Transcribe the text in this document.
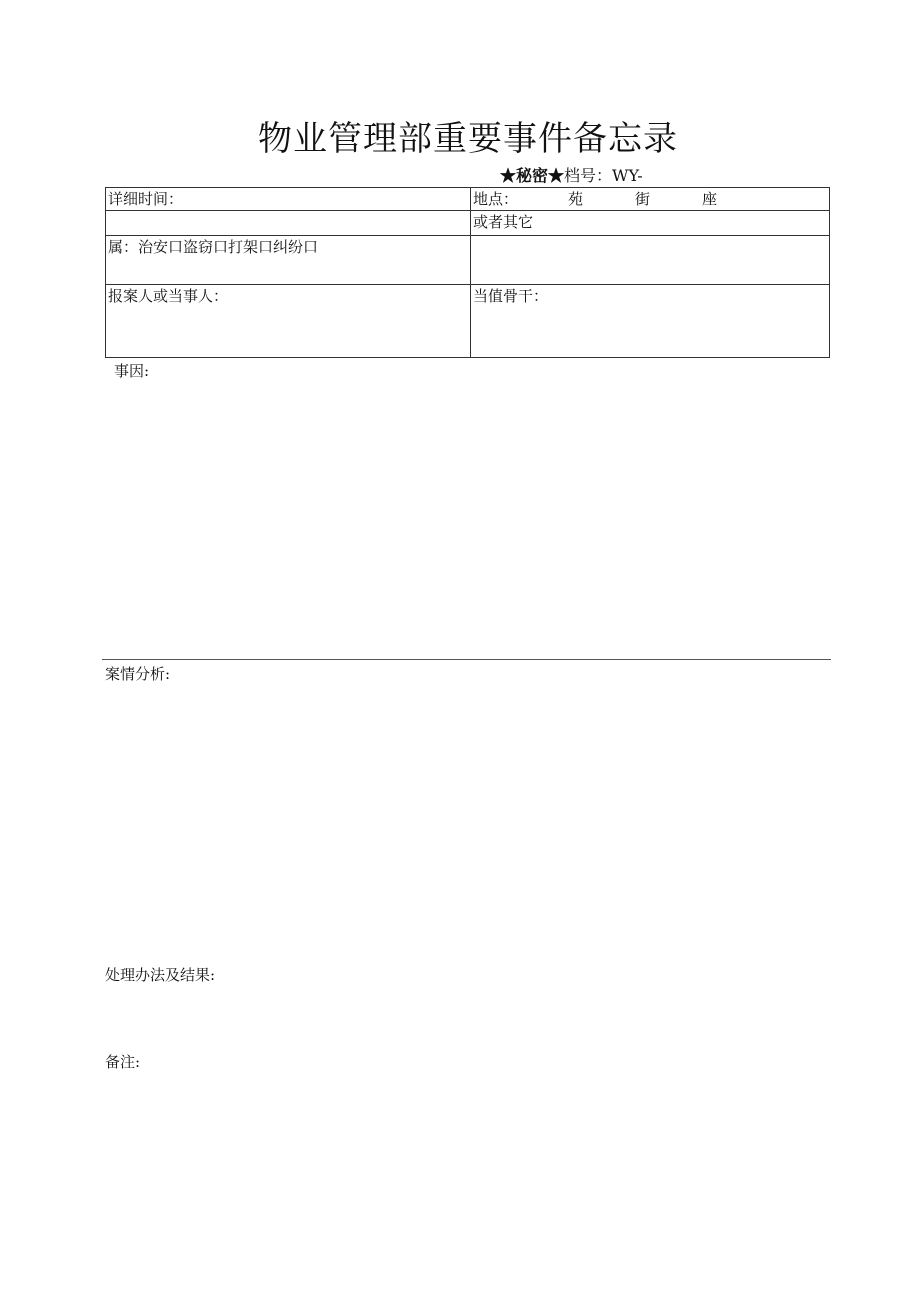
物业管理部重要事件备忘录
★秘密★档号：WY-
详细时间：	地点： 苑 街 座
	或者其它
属：治安口盗窃口打架口纠纷口	
报案人或当事人：	当值骨干：
事因:
案情分析:
处理办法及结果:
备注:
